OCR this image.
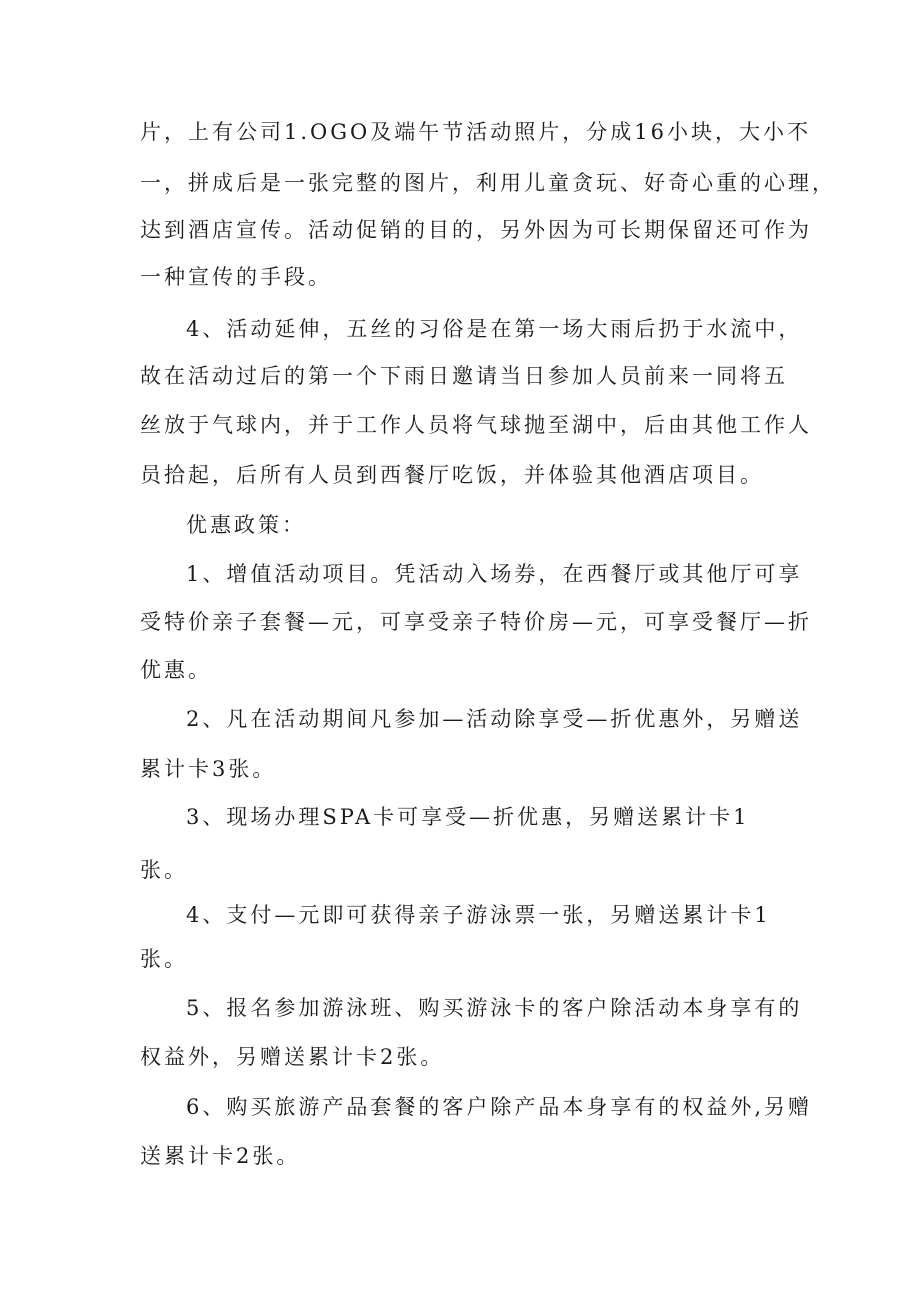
片，上有公司1.OGO及端午节活动照片，分成16小块，大小不
一，拼成后是一张完整的图片，利用儿童贪玩、好奇心重的心理，
达到酒店宣传。活动促销的目的，另外因为可长期保留还可作为
一种宣传的手段。
4、活动延伸，五丝的习俗是在第一场大雨后扔于水流中，
故在活动过后的第一个下雨日邀请当日参加人员前来一同将五
丝放于气球内，并于工作人员将气球抛至湖中，后由其他工作人
员拾起，后所有人员到西餐厅吃饭，并体验其他酒店项目。
优惠政策：
1、增值活动项目。凭活动入场券，在西餐厅或其他厅可享
受特价亲子套餐—元，可享受亲子特价房—元，可享受餐厅—折
优惠。
2、凡在活动期间凡参加—活动除享受—折优惠外，另赠送
累计卡3张。
3、现场办理SPA卡可享受—折优惠，另赠送累计卡1
张。
4、支付—元即可获得亲子游泳票一张，另赠送累计卡1
张。
5、报名参加游泳班、购买游泳卡的客户除活动本身享有的
权益外，另赠送累计卡2张。
6、购买旅游产品套餐的客户除产品本身享有的权益外,另赠
送累计卡2张。
